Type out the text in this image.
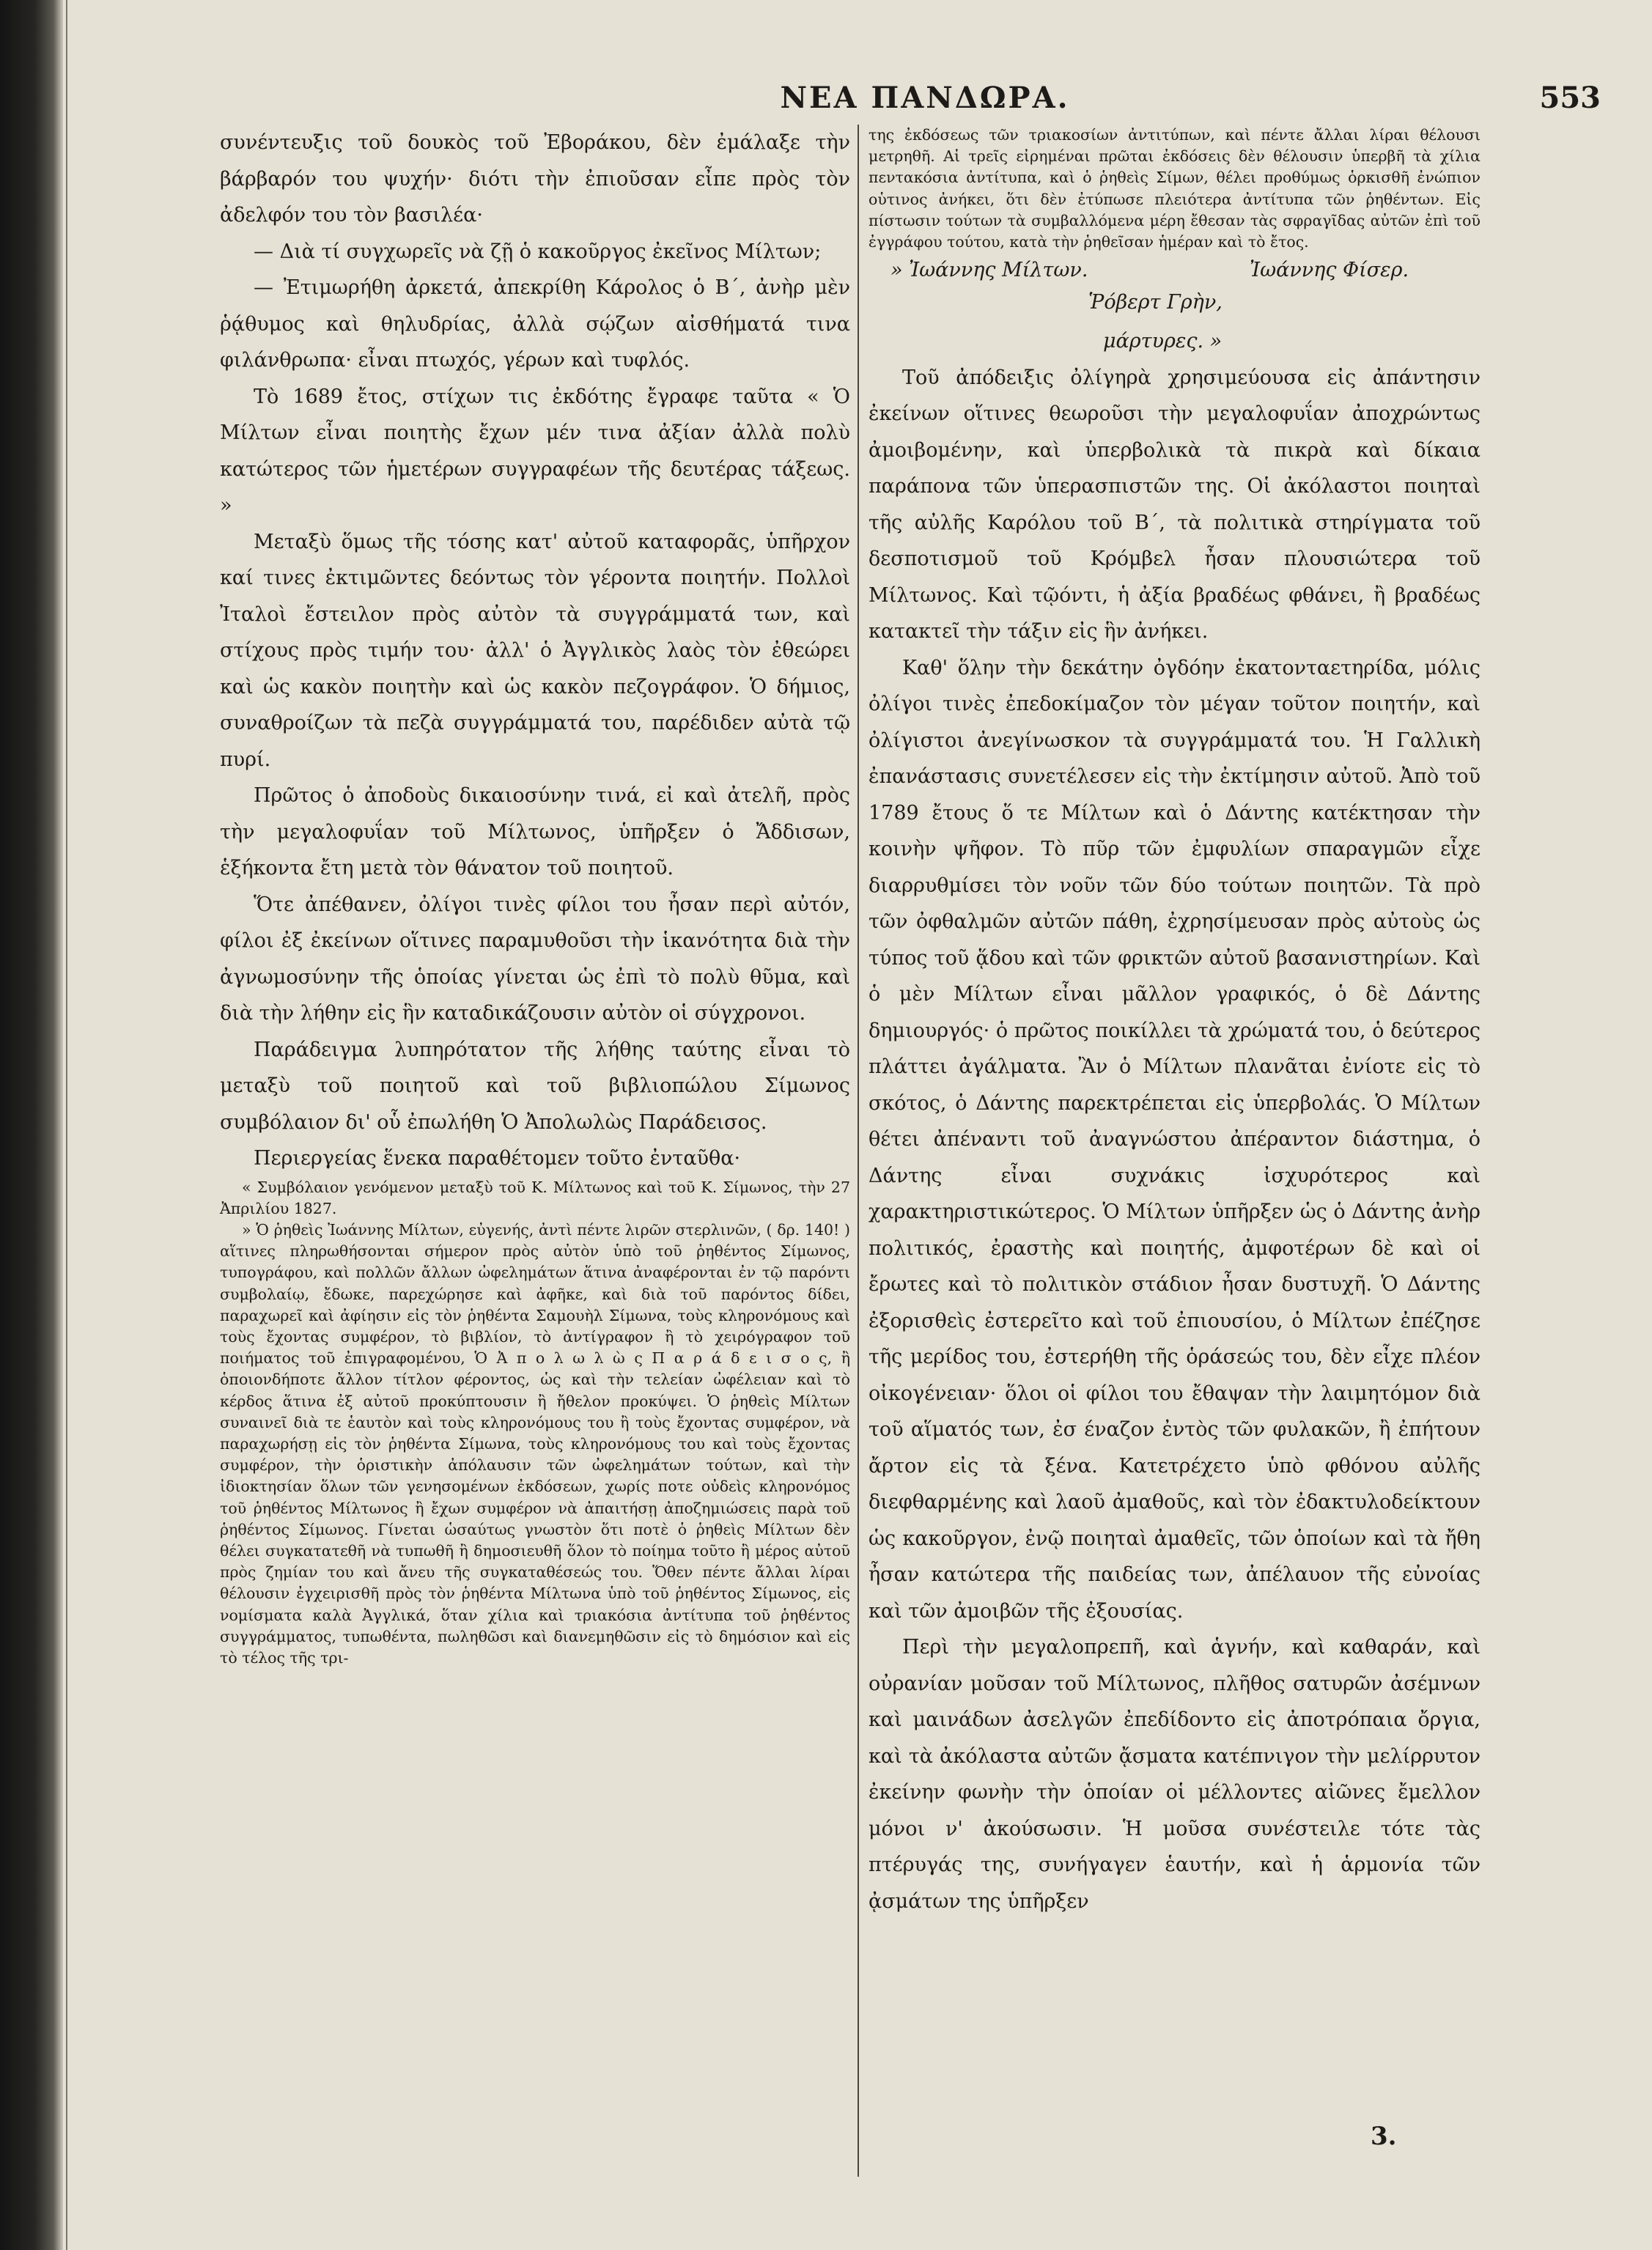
ΝΕΑ ΠΑΝΔΩΡΑ.	553

συνέντευξις τοῦ δουκὸς τοῦ Ἐβοράκου, δὲν ἐμάλαξε τὴν βάρβαρόν του ψυχήν· διότι τὴν ἐπιοῦσαν εἶπε πρὸς τὸν ἀδελφόν του τὸν βασιλέα·

— Διὰ τί συγχωρεῖς νὰ ζῇ ὁ κακοῦργος ἐκεῖνος Μίλτων;

— Ἐτιμωρήθη ἀρκετά, ἀπεκρίθη Κάρολος ὁ Β΄, ἀνὴρ μὲν ῥᾴθυμος καὶ θηλυδρίας, ἀλλὰ σῴζων αἰσθήματά τινα φιλάνθρωπα· εἶναι πτωχός, γέρων καὶ τυφλός.

Τὸ 1689 ἔτος, στίχων τις ἐκδότης ἔγραφε ταῦτα « Ὁ Μίλτων εἶναι ποιητὴς ἔχων μέν τινα ἀξίαν ἀλλὰ πολὺ κατώτερος τῶν ἡμετέρων συγγραφέων τῆς δευτέρας τάξεως. »

Μεταξὺ ὅμως τῆς τόσης κατ' αὐτοῦ καταφορᾶς, ὑπῆρχον καί τινες ἐκτιμῶντες δεόντως τὸν γέροντα ποιητήν. Πολλοὶ Ἰταλοὶ ἔστειλον πρὸς αὐτὸν τὰ συγγράμματά των, καὶ στίχους πρὸς τιμήν του· ἀλλ' ὁ Ἀγγλικὸς λαὸς τὸν ἐθεώρει καὶ ὡς κακὸν ποιητὴν καὶ ὡς κακὸν πεζογράφον. Ὁ δήμιος, συναθροίζων τὰ πεζὰ συγγράμματά του, παρέδιδεν αὐτὰ τῷ πυρί.

Πρῶτος ὁ ἀποδοὺς δικαιοσύνην τινά, εἰ καὶ ἀτελῆ, πρὸς τὴν μεγαλοφυΐαν τοῦ Μίλτωνος, ὑπῆρξεν ὁ Ἄδδισων, ἑξήκοντα ἔτη μετὰ τὸν θάνατον τοῦ ποιητοῦ.

Ὅτε ἀπέθανεν, ὀλίγοι τινὲς φίλοι του ἦσαν περὶ αὐτόν, φίλοι ἐξ ἐκείνων οἵτινες παραμυθοῦσι τὴν ἱκανότητα διὰ τὴν ἀγνωμοσύνην τῆς ὁποίας γίνεται ὡς ἐπὶ τὸ πολὺ θῦμα, καὶ διὰ τὴν λήθην εἰς ἣν καταδικάζουσιν αὐτὸν οἱ σύγχρονοι.

Παράδειγμα λυπηρότατον τῆς λήθης ταύτης εἶναι τὸ μεταξὺ τοῦ ποιητοῦ καὶ τοῦ βιβλιοπώλου Σίμωνος συμβόλαιον δι' οὗ ἐπωλήθη Ὁ Ἀπολωλὼς Παράδεισος.

Περιεργείας ἕνεκα παραθέτομεν τοῦτο ἐνταῦθα·

« Συμβόλαιον γενόμενον μεταξὺ τοῦ Κ. Μίλτωνος καὶ τοῦ Κ. Σίμωνος, τὴν 27 Ἀπριλίου 1827.

» Ὁ ῥηθεὶς Ἰωάννης Μίλτων, εὐγενής, ἀντὶ πέντε λιρῶν στερλινῶν, ( δρ. 140! ) αἵτινες πληρωθήσονται σήμερον πρὸς αὐτὸν ὑπὸ τοῦ ῥηθέντος Σίμωνος, τυπογράφου, καὶ πολλῶν ἄλλων ὠφελημάτων ἅτινα ἀναφέρονται ἐν τῷ παρόντι συμβολαίῳ, ἔδωκε, παρεχώρησε καὶ ἀφῆκε, καὶ διὰ τοῦ παρόντος δίδει, παραχωρεῖ καὶ ἀφίησιν εἰς τὸν ῥηθέντα Σαμουὴλ Σίμωνα, τοὺς κληρονόμους καὶ τοὺς ἔχοντας συμφέρον, τὸ βιβλίον, τὸ ἀντίγραφον ἢ τὸ χειρόγραφον τοῦ ποιήματος τοῦ ἐπιγραφομένου, Ὁ Ἀ π ο λ ω λ ὼ ς Π α ρ ά δ ε ι σ ο ς, ἢ ὁποιονδήποτε ἄλλον τίτλον φέροντος, ὡς καὶ τὴν τελείαν ὠφέλειαν καὶ τὸ κέρδος ἅτινα ἐξ αὐτοῦ προκύπτουσιν ἢ ἤθελον προκύψει. Ὁ ῥηθεὶς Μίλτων συναινεῖ διὰ τε ἑαυτὸν καὶ τοὺς κληρονόμους του ἢ τοὺς ἔχοντας συμφέρον, νὰ παραχωρήσῃ εἰς τὸν ῥηθέντα Σίμωνα, τοὺς κληρονόμους του καὶ τοὺς ἔχοντας συμφέρον, τὴν ὁριστικὴν ἀπόλαυσιν τῶν ὠφελημάτων τούτων, καὶ τὴν ἰδιοκτησίαν ὅλων τῶν γενησομένων ἐκδόσεων, χωρίς ποτε οὐδεὶς κληρονόμος τοῦ ῥηθέντος Μίλτωνος ἢ ἔχων συμφέρον νὰ ἀπαιτήσῃ ἀποζημιώσεις παρὰ τοῦ ῥηθέντος Σίμωνος. Γίνεται ὡσαύτως γνωστὸν ὅτι ποτὲ ὁ ῥηθεὶς Μίλτων δὲν θέλει συγκατατεθῆ νὰ τυπωθῆ ἢ δημοσιευθῆ ὅλον τὸ ποίημα τοῦτο ἢ μέρος αὐτοῦ πρὸς ζημίαν του καὶ ἄνευ τῆς συγκαταθέσεώς του. Ὅθεν πέντε ἄλλαι λίραι θέλουσιν ἐγχειρισθῆ πρὸς τὸν ῥηθέντα Μίλτωνα ὑπὸ τοῦ ῥηθέντος Σίμωνος, εἰς νομίσματα καλὰ Ἀγγλικά, ὅταν χίλια καὶ τριακόσια ἀντίτυπα τοῦ ῥηθέντος συγγράμματος, τυπωθέντα, πωληθῶσι καὶ διανεμηθῶσιν εἰς τὸ δημόσιον καὶ εἰς τὸ τέλος τῆς τρι-

της ἐκδόσεως τῶν τριακοσίων ἀντιτύπων, καὶ πέντε ἄλλαι λίραι θέλουσι μετρηθῆ. Αἱ τρεῖς εἰρημέναι πρῶται ἐκδόσεις δὲν θέλουσιν ὑπερβῆ τὰ χίλια πεντακόσια ἀντίτυπα, καὶ ὁ ῥηθεὶς Σίμων, θέλει προθύμως ὁρκισθῆ ἐνώπιον οὑτινος ἀνήκει, ὅτι δὲν ἐτύπωσε πλειότερα ἀντίτυπα τῶν ῥηθέντων. Εἰς πίστωσιν τούτων τὰ συμβαλλόμενα μέρη ἔθεσαν τὰς σφραγῖδας αὐτῶν ἐπὶ τοῦ ἐγγράφου τούτου, κατὰ τὴν ῥηθεῖσαν ἡμέραν καὶ τὸ ἔτος.

» Ἰωάννης Μίλτων.	Ἰωάννης Φίσερ.
Ῥόβερτ Γρὴν,

μάρτυρες. »

Τοῦ ἀπόδειξις ὀλίγηρὰ χρησιμεύουσα εἰς ἀπάντησιν ἐκείνων οἵτινες θεωροῦσι τὴν μεγαλοφυΐαν ἀποχρώντως ἀμοιβομένην, καὶ ὑπερβολικὰ τὰ πικρὰ καὶ δίκαια παράπονα τῶν ὑπερασπιστῶν της. Οἱ ἀκόλαστοι ποιηταὶ τῆς αὐλῆς Καρόλου τοῦ Β΄, τὰ πολιτικὰ στηρίγματα τοῦ δεσποτισμοῦ τοῦ Κρόμβελ ἦσαν πλουσιώτερα τοῦ Μίλτωνος. Καὶ τῷόντι, ἡ ἀξία βραδέως φθάνει, ἢ βραδέως κατακτεῖ τὴν τάξιν εἰς ἣν ἀνήκει.

Καθ' ὅλην τὴν δεκάτην ὀγδόην ἑκατονταετηρίδα, μόλις ὀλίγοι τινὲς ἐπεδοκίμαζον τὸν μέγαν τοῦτον ποιητήν, καὶ ὀλίγιστοι ἀνεγίνωσκον τὰ συγγράμματά του. Ἡ Γαλλικὴ ἐπανάστασις συνετέλεσεν εἰς τὴν ἐκτίμησιν αὐτοῦ. Ἀπὸ τοῦ 1789 ἔτους ὅ τε Μίλτων καὶ ὁ Δάντης κατέκτησαν τὴν κοινὴν ψῆφον. Τὸ πῦρ τῶν ἐμφυλίων σπαραγμῶν εἶχε διαρρυθμίσει τὸν νοῦν τῶν δύο τούτων ποιητῶν. Τὰ πρὸ τῶν ὀφθαλμῶν αὐτῶν πάθη, ἐχρησίμευσαν πρὸς αὐτοὺς ὡς τύπος τοῦ ᾅδου καὶ τῶν φρικτῶν αὐτοῦ βασανιστηρίων. Καὶ ὁ μὲν Μίλτων εἶναι μᾶλλον γραφικός, ὁ δὲ Δάντης δημιουργός· ὁ πρῶτος ποικίλλει τὰ χρώματά του, ὁ δεύτερος πλάττει ἀγάλματα. Ἂν ὁ Μίλτων πλανᾶται ἐνίοτε εἰς τὸ σκότος, ὁ Δάντης παρεκτρέπεται εἰς ὑπερβολάς. Ὁ Μίλτων θέτει ἀπέναντι τοῦ ἀναγνώστου ἀπέραντον διάστημα, ὁ Δάντης εἶναι συχνάκις ἰσχυρότερος καὶ χαρακτηριστικώτερος. Ὁ Μίλτων ὑπῆρξεν ὡς ὁ Δάντης ἀνὴρ πολιτικός, ἐραστὴς καὶ ποιητής, ἀμφοτέρων δὲ καὶ οἱ ἔρωτες καὶ τὸ πολιτικὸν στάδιον ἦσαν δυστυχῆ. Ὁ Δάντης ἐξορισθεὶς ἐστερεῖτο καὶ τοῦ ἐπιουσίου, ὁ Μίλτων ἐπέζησε τῆς μερίδος του, ἐστερήθη τῆς ὁράσεώς του, δὲν εἶχε πλέον οἰκογένειαν· ὅλοι οἱ φίλοι του ἔθαψαν τὴν λαιμητόμον διὰ τοῦ αἵματός των, ἐσ έναζον ἐντὸς τῶν φυλακῶν, ἢ ἐπήτουν ἄρτον εἰς τὰ ξένα. Κατετρέχετο ὑπὸ φθόνου αὐλῆς διεφθαρμένης καὶ λαοῦ ἀμαθοῦς, καὶ τὸν ἐδακτυλοδείκτουν ὡς κακοῦργον, ἐνῷ ποιηταὶ ἀμαθεῖς, τῶν ὁποίων καὶ τὰ ἤθη ἦσαν κατώτερα τῆς παιδείας των, ἀπέλαυον τῆς εὐνοίας καὶ τῶν ἀμοιβῶν τῆς ἐξουσίας.

Περὶ τὴν μεγαλοπρεπῆ, καὶ ἁγνήν, καὶ καθαράν, καὶ οὐρανίαν μοῦσαν τοῦ Μίλτωνος, πλῆθος σατυρῶν ἀσέμνων καὶ μαινάδων ἀσελγῶν ἐπεδίδοντο εἰς ἀποτρόπαια ὄργια, καὶ τὰ ἀκόλαστα αὐτῶν ᾄσματα κατέπνιγον τὴν μελίρρυτον ἐκείνην φωνὴν τὴν ὁποίαν οἱ μέλλοντες αἰῶνες ἔμελλον μόνοι ν' ἀκούσωσιν. Ἡ μοῦσα συνέστειλε τότε τὰς πτέρυγάς της, συνήγαγεν ἑαυτήν, καὶ ἡ ἁρμονία τῶν ᾀσμάτων της ὑπῆρξεν

3.
